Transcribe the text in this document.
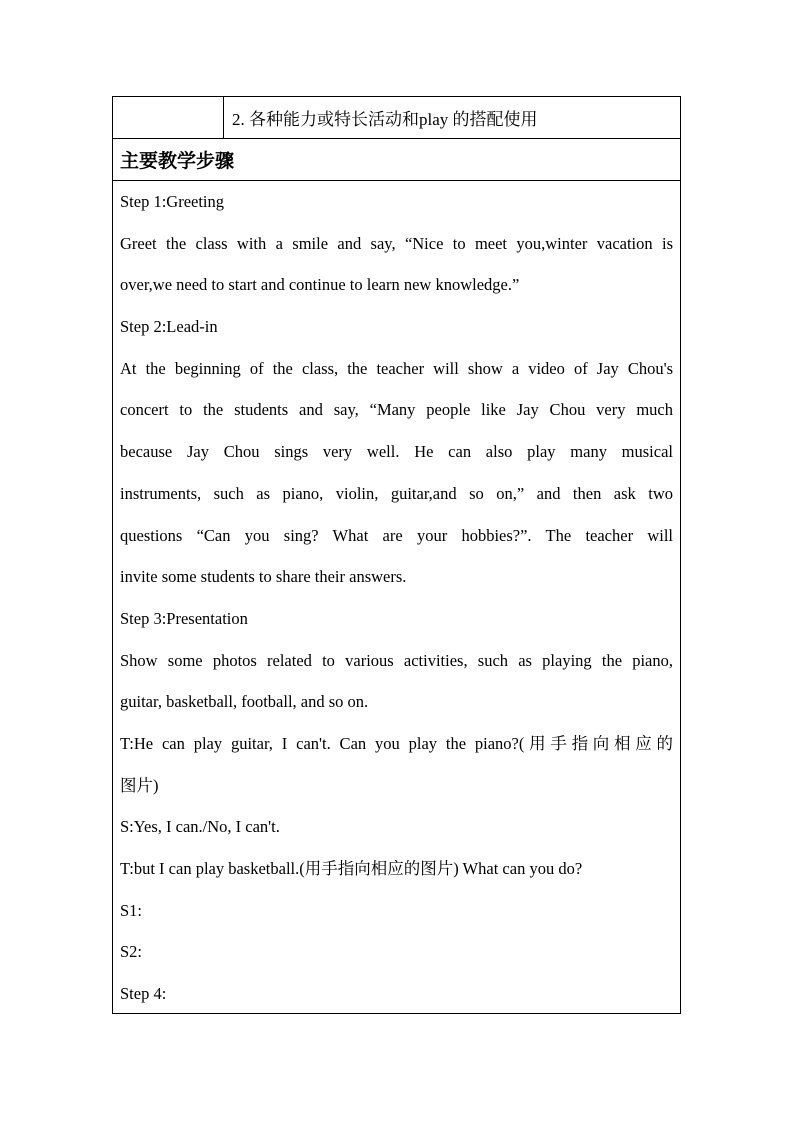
2. 各种能力或特长活动和play 的搭配使用
主要教学步骤
Step 1:Greeting
Greet the class with a smile and say, “Nice to meet you,winter vacation is
over,we need to start and continue to learn new knowledge.”
Step 2:Lead-in
At the beginning of the class, the teacher will show a video of Jay Chou's
concert to the students and say, “Many people like Jay Chou very much
because Jay Chou sings very well. He can also play many musical
instruments, such as piano, violin, guitar,and so on,” and then ask two
questions “Can you sing? What are your hobbies?”. The teacher will
invite some students to share their answers.
Step 3:Presentation
Show some photos related to various activities, such as playing the piano,
guitar, basketball, football, and so on.
T:He can play guitar, I can't. Can you play the piano?(用手指向相应的
图片)
S:Yes, I can./No, I can't.
T:but I can play basketball.(用手指向相应的图片) What can you do?
S1:
S2:
Step 4:
